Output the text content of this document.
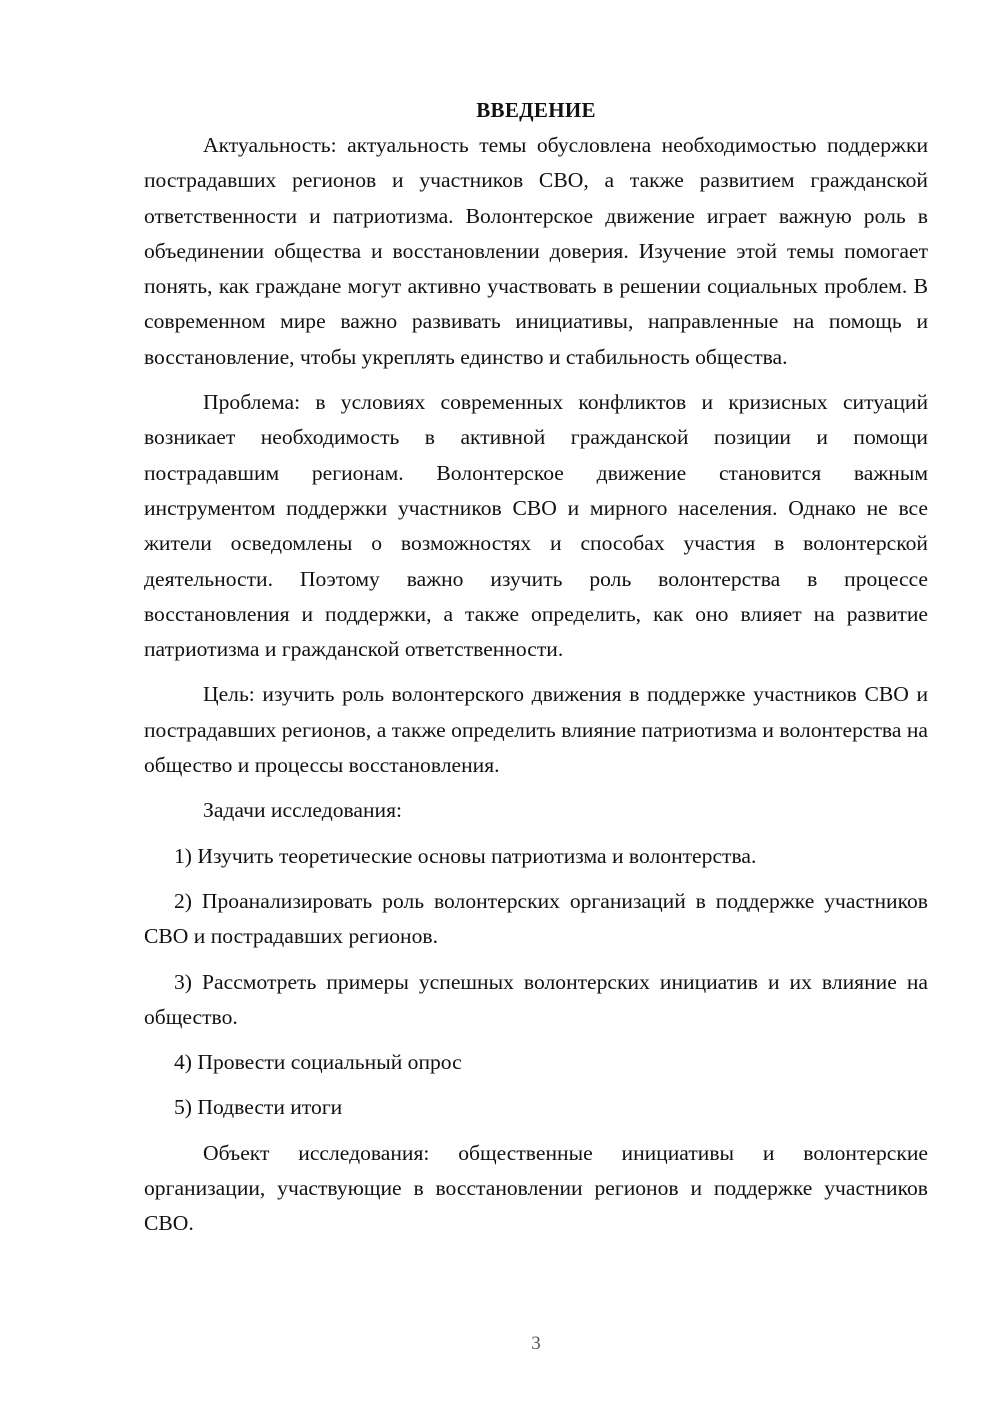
ВВЕДЕНИЕ

Актуальность: актуальность темы обусловлена необходимостью поддержки пострадавших регионов и участников СВО, а также развитием гражданской ответственности и патриотизма. Волонтерское движение играет важную роль в объединении общества и восстановлении доверия. Изучение этой темы помогает понять, как граждане могут активно участвовать в решении социальных проблем. В современном мире важно развивать инициативы, направленные на помощь и восстановление, чтобы укреплять единство и стабильность общества.

Проблема: в условиях современных конфликтов и кризисных ситуаций возникает необходимость в активной гражданской позиции и помощи пострадавшим регионам. Волонтерское движение становится важным инструментом поддержки участников СВО и мирного населения. Однако не все жители осведомлены о возможностях и способах участия в волонтерской деятельности. Поэтому важно изучить роль волонтерства в процессе восстановления и поддержки, а также определить, как оно влияет на развитие патриотизма и гражданской ответственности.

Цель: изучить роль волонтерского движения в поддержке участников СВО и пострадавших регионов, а также определить влияние патриотизма и волонтерства на общество и процессы восстановления.

Задачи исследования:

1) Изучить теоретические основы патриотизма и волонтерства.

2) Проанализировать роль волонтерских организаций в поддержке участников СВО и пострадавших регионов.

3) Рассмотреть примеры успешных волонтерских инициатив и их влияние на общество.

4) Провести социальный опрос

5) Подвести итоги

Объект исследования: общественные инициативы и волонтерские организации, участвующие в восстановлении регионов и поддержке участников СВО.

3
